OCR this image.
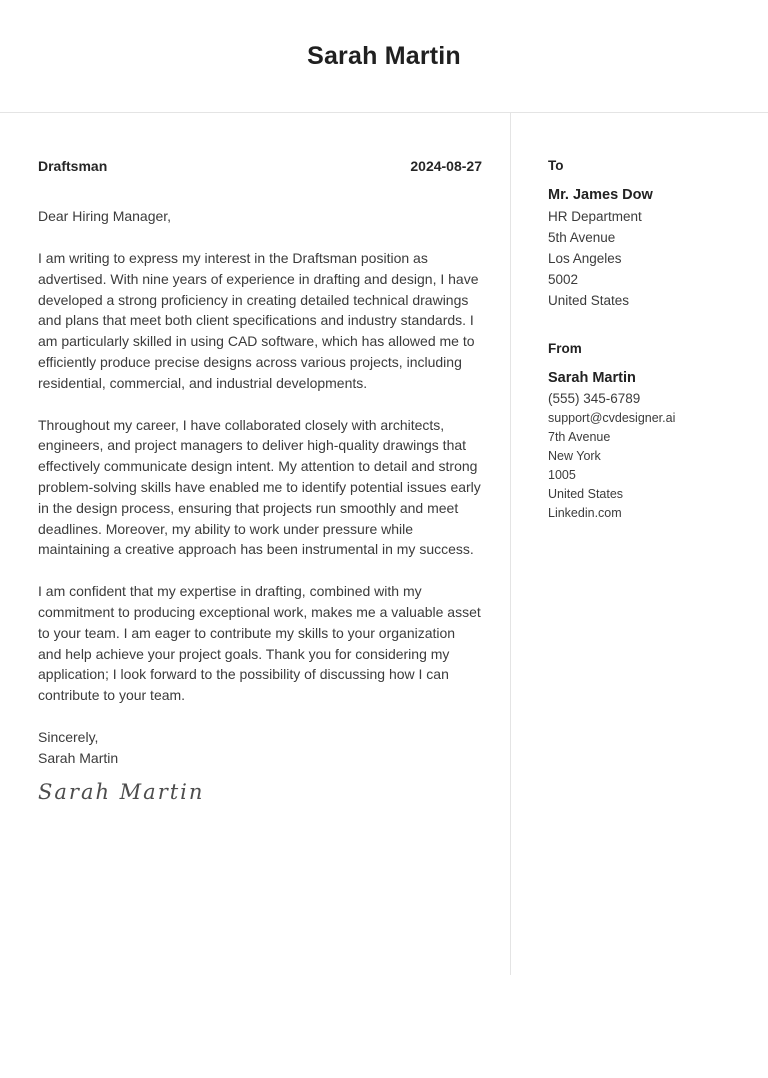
Sarah Martin
Draftsman	2024-08-27
Dear Hiring Manager,
I am writing to express my interest in the Draftsman position as advertised. With nine years of experience in drafting and design, I have developed a strong proficiency in creating detailed technical drawings and plans that meet both client specifications and industry standards. I am particularly skilled in using CAD software, which has allowed me to efficiently produce precise designs across various projects, including residential, commercial, and industrial developments.
Throughout my career, I have collaborated closely with architects, engineers, and project managers to deliver high-quality drawings that effectively communicate design intent. My attention to detail and strong problem-solving skills have enabled me to identify potential issues early in the design process, ensuring that projects run smoothly and meet deadlines. Moreover, my ability to work under pressure while maintaining a creative approach has been instrumental in my success.
I am confident that my expertise in drafting, combined with my commitment to producing exceptional work, makes me a valuable asset to your team. I am eager to contribute my skills to your organization and help achieve your project goals. Thank you for considering my application; I look forward to the possibility of discussing how I can contribute to your team.
Sincerely,
Sarah Martin
Sarah Martin
To
Mr. James Dow
HR Department
5th Avenue
Los Angeles
5002
United States
From
Sarah Martin
(555) 345-6789
support@cvdesigner.ai
7th Avenue
New York
1005
United States
Linkedin.com
